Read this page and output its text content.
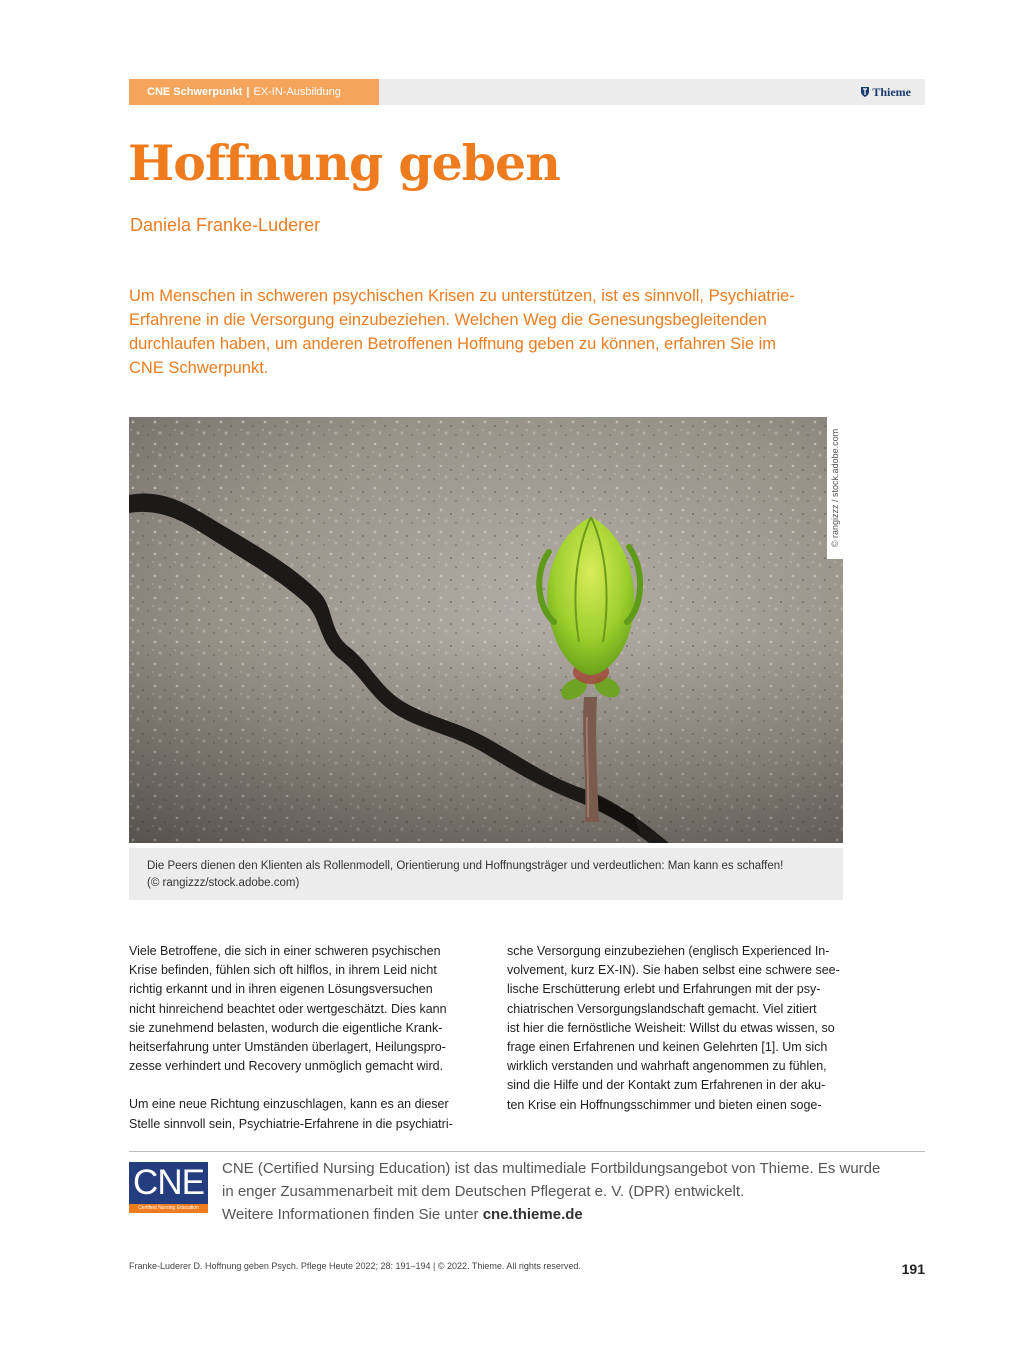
CNE Schwerpunkt | EX-IN-Ausbildung	Thieme
Hoffnung geben
Daniela Franke-Luderer
Um Menschen in schweren psychischen Krisen zu unterstützen, ist es sinnvoll, Psychiatrie-
Erfahrene in die Versorgung einzubeziehen. Welchen Weg die Genesungsbegleitenden
durchlaufen haben, um anderen Betroffenen Hoffnung geben zu können, erfahren Sie im
CNE Schwerpunkt.
© rangizzz / stock.adobe.com
Die Peers dienen den Klienten als Rollenmodell, Orientierung und Hoffnungsträger und verdeutlichen: Man kann es schaffen!
(© rangizzz/stock.adobe.com)
Viele Betroffene, die sich in einer schweren psychischen
Krise befinden, fühlen sich oft hilflos, in ihrem Leid nicht
richtig erkannt und in ihren eigenen Lösungsversuchen
nicht hinreichend beachtet oder wertgeschätzt. Dies kann
sie zunehmend belasten, wodurch die eigentliche Krank-
heitserfahrung unter Umständen überlagert, Heilungspro-
zesse verhindert und Recovery unmöglich gemacht wird.
Um eine neue Richtung einzuschlagen, kann es an dieser
Stelle sinnvoll sein, Psychiatrie-Erfahrene in die psychiatri-
sche Versorgung einzubeziehen (englisch Experienced In-
volvement, kurz EX-IN). Sie haben selbst eine schwere see-
lische Erschütterung erlebt und Erfahrungen mit der psy-
chiatrischen Versorgungslandschaft gemacht. Viel zitiert
ist hier die fernöstliche Weisheit: Willst du etwas wissen, so
frage einen Erfahrenen und keinen Gelehrten [1]. Um sich
wirklich verstanden und wahrhaft angenommen zu fühlen,
sind die Hilfe und der Kontakt zum Erfahrenen in der aku-
ten Krise ein Hoffnungsschimmer und bieten einen soge-
CNE
Certified Nursing Education
CNE (Certified Nursing Education) ist das multimediale Fortbildungsangebot von Thieme. Es wurde
in enger Zusammenarbeit mit dem Deutschen Pflegerat e. V. (DPR) entwickelt.
Weitere Informationen finden Sie unter cne.thieme.de
Franke-Luderer D. Hoffnung geben Psych. Pflege Heute 2022; 28: 191–194 | © 2022. Thieme. All rights reserved.	191
